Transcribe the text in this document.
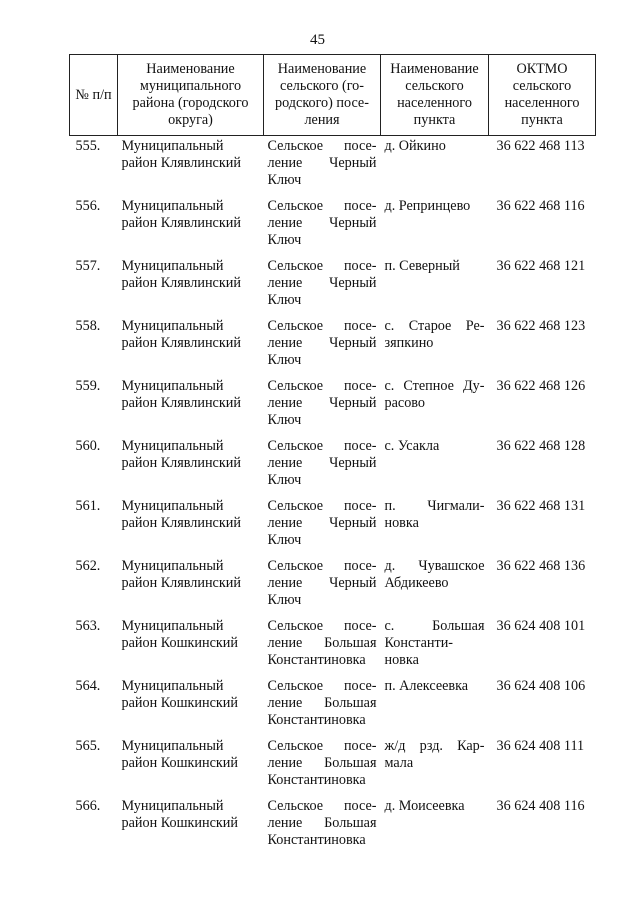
45
№ п/п	Наименование муниципального района (городского округа)	Наименование сельского (го-родского) посе-ления	Наименование сельского населенного пункта	ОКТМО сельского населенного пункта
555.	Муниципальный район Клявлинский	Сельское посе-ление Черный Ключ	д. Ойкино	36 622 468 113
556.	Муниципальный район Клявлинский	Сельское посе-ление Черный Ключ	д. Репринцево	36 622 468 116
557.	Муниципальный район Клявлинский	Сельское посе-ление Черный Ключ	п. Северный	36 622 468 121
558.	Муниципальный район Клявлинский	Сельское посе-ление Черный Ключ	с. Старое Ре-зяпкино	36 622 468 123
559.	Муниципальный район Клявлинский	Сельское посе-ление Черный Ключ	с. Степное Ду-расово	36 622 468 126
560.	Муниципальный район Клявлинский	Сельское посе-ление Черный Ключ	с. Усакла	36 622 468 128
561.	Муниципальный район Клявлинский	Сельское посе-ление Черный Ключ	п. Чигмали-новка	36 622 468 131
562.	Муниципальный район Клявлинский	Сельское посе-ление Черный Ключ	д. Чувашское Абдикеево	36 622 468 136
563.	Муниципальный район Кошкинский	Сельское посе-ление Большая Константиновка	с. Большая Константи-новка	36 624 408 101
564.	Муниципальный район Кошкинский	Сельское посе-ление Большая Константиновка	п. Алексеевка	36 624 408 106
565.	Муниципальный район Кошкинский	Сельское посе-ление Большая Константиновка	ж/д рзд. Кар-мала	36 624 408 111
566.	Муниципальный район Кошкинский	Сельское посе-ление Большая Константиновка	д. Моисеевка	36 624 408 116
